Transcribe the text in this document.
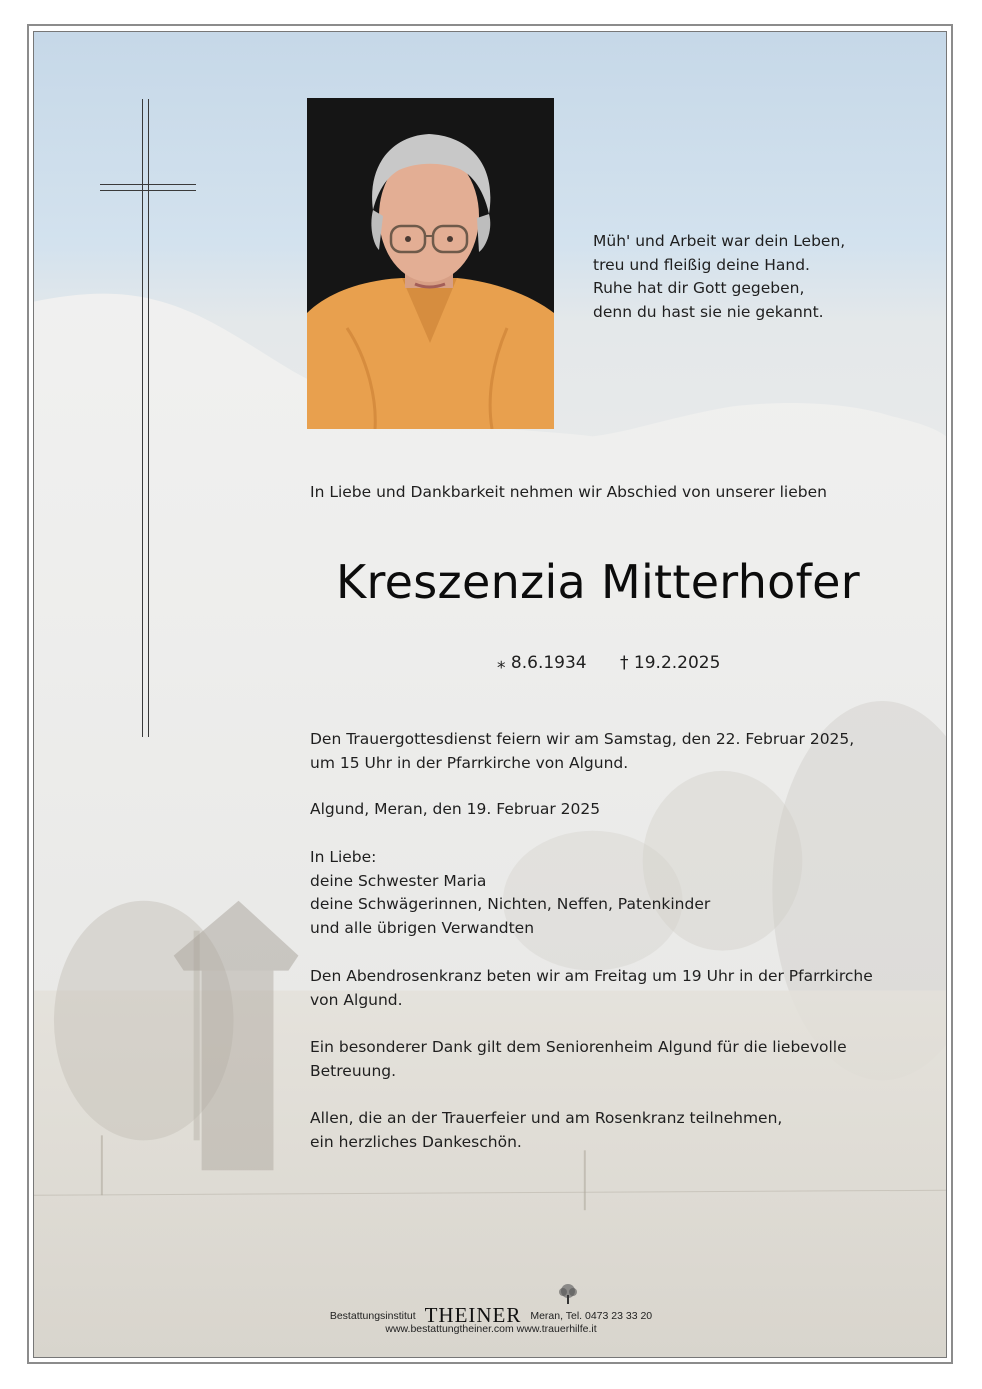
Müh' und Arbeit war dein Leben,
treu und fleißig deine Hand.
Ruhe hat dir Gott gegeben,
denn du hast sie nie gekannt.
In Liebe und Dankbarkeit nehmen wir Abschied von unserer lieben
Kreszenzia Mitterhofer
⁎ 8.6.1934 † 19.2.2025
Den Trauergottesdienst feiern wir am Samstag, den 22. Februar 2025,
um 15 Uhr in der Pfarrkirche von Algund.
Algund, Meran, den 19. Februar 2025
In Liebe:
deine Schwester Maria
deine Schwägerinnen, Nichten, Neffen, Patenkinder
und alle übrigen Verwandten
Den Abendrosenkranz beten wir am Freitag um 19 Uhr in der Pfarrkirche
von Algund.
Ein besonderer Dank gilt dem Seniorenheim Algund für die liebevolle
Betreuung.
Allen, die an der Trauerfeier und am Rosenkranz teilnehmen,
ein herzliches Dankeschön.
Bestattungsinstitut THEINER Meran, Tel. 0473 23 33 20
www.bestattungtheiner.com www.trauerhilfe.it
